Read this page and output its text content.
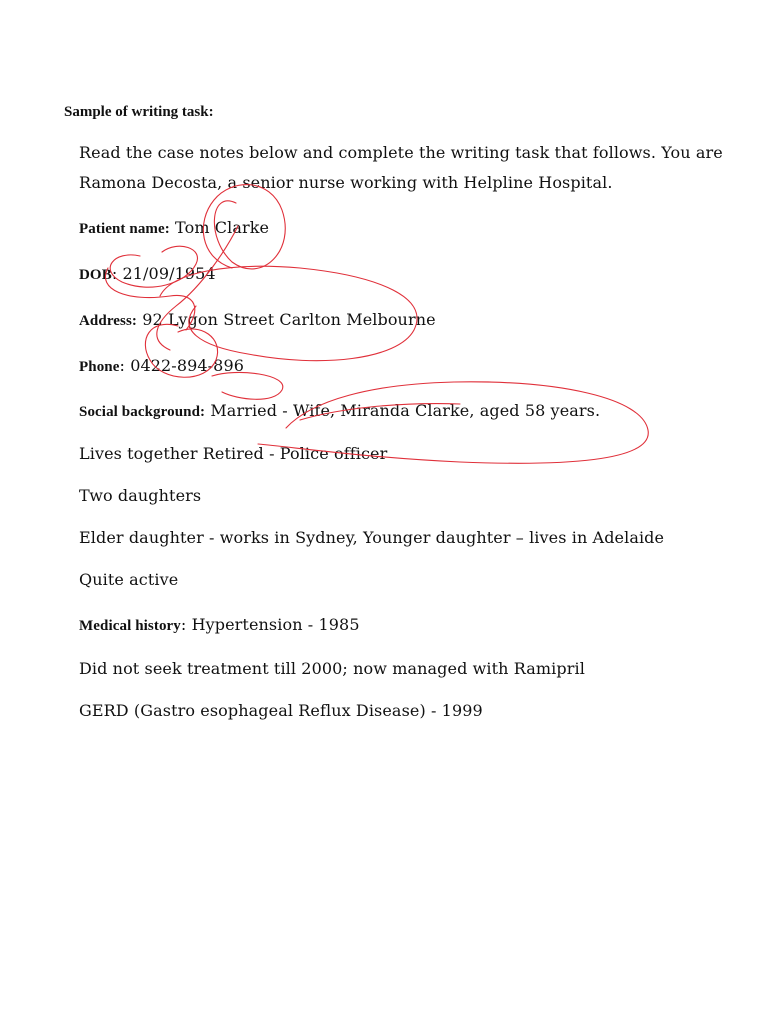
Sample of writing task:
Read the case notes below and complete the writing task that follows. You are
Ramona Decosta, a senior nurse working with Helpline Hospital.
Patient name: Tom Clarke
DOB: 21/09/1954
Address: 92 Lygon Street Carlton Melbourne
Phone: 0422-894-896
Social background: Married - Wife, Miranda Clarke, aged 58 years.
Lives together Retired - Police officer
Two daughters
Elder daughter - works in Sydney, Younger daughter – lives in Adelaide
Quite active
Medical history: Hypertension - 1985
Did not seek treatment till 2000; now managed with Ramipril
GERD (Gastro esophageal Reflux Disease) - 1999
